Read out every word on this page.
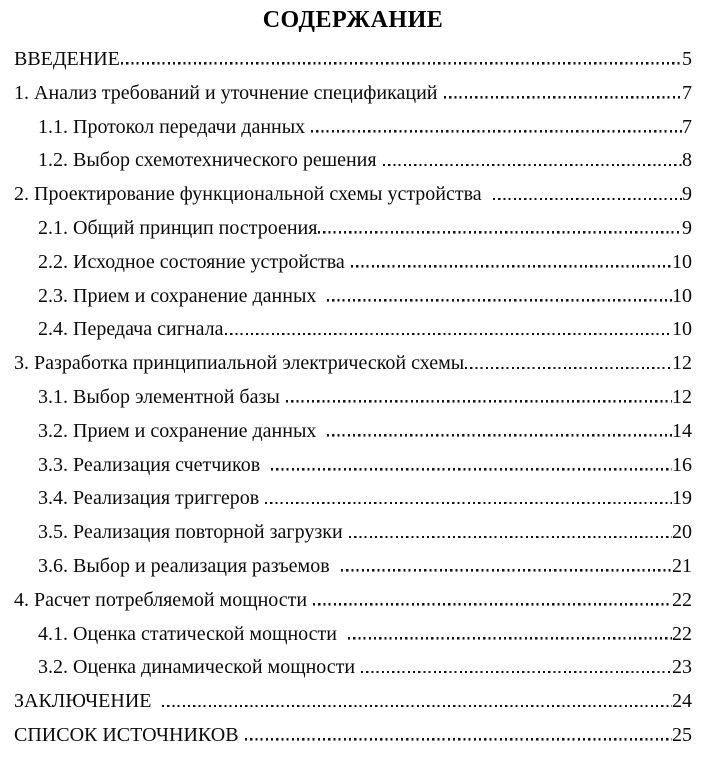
СОДЕРЖАНИЕ
ВВЕДЕНИЕ	5
1. Анализ требований и уточнение спецификаций	7
1.1. Протокол передачи данных	7
1.2. Выбор схемотехнического решения	8
2. Проектирование функциональной схемы устройства	9
2.1. Общий принцип построения	9
2.2. Исходное состояние устройства	10
2.3. Прием и сохранение данных	10
2.4. Передача сигнала	10
3. Разработка принципиальной электрической схемы	12
3.1. Выбор элементной базы	12
3.2. Прием и сохранение данных	14
3.3. Реализация счетчиков	16
3.4. Реализация триггеров	19
3.5. Реализация повторной загрузки	20
3.6. Выбор и реализация разъемов	21
4. Расчет потребляемой мощности	22
4.1. Оценка статической мощности	22
3.2. Оценка динамической мощности	23
ЗАКЛЮЧЕНИЕ	24
СПИСОК ИСТОЧНИКОВ	25
